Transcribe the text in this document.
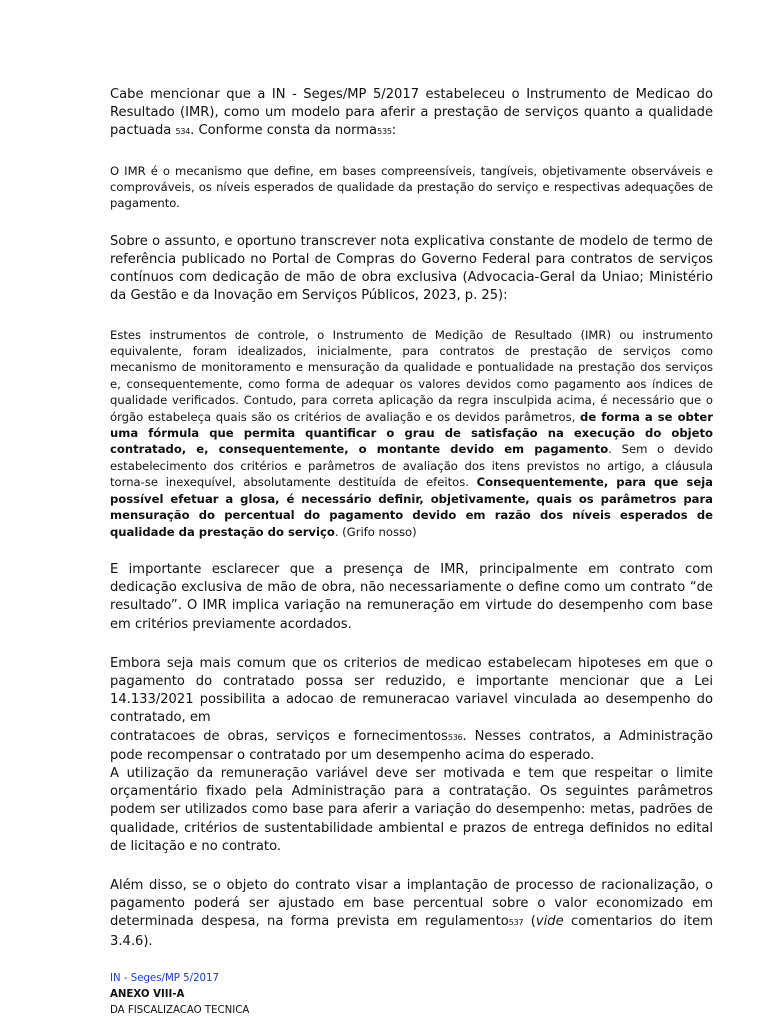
Cabe mencionar que a IN - Seges/MP 5/2017 estabeleceu o Instrumento de Medicao do Resultado (IMR), como um modelo para aferir a prestação de serviços quanto a qualidade pactuada 534. Conforme consta da norma535:

O IMR é o mecanismo que define, em bases compreensíveis, tangíveis, objetivamente observáveis e comprováveis, os níveis esperados de qualidade da prestação do serviço e respectivas adequações de pagamento.

Sobre o assunto, e oportuno transcrever nota explicativa constante de modelo de termo de referência publicado no Portal de Compras do Governo Federal para contratos de serviços contínuos com dedicação de mão de obra exclusiva (Advocacia-Geral da Uniao; Ministério da Gestão e da Inovação em Serviços Públicos, 2023, p. 25):

Estes instrumentos de controle, o Instrumento de Medição de Resultado (IMR) ou instrumento equivalente, foram idealizados, inicialmente, para contratos de prestação de serviços como mecanismo de monitoramento e mensuração da qualidade e pontualidade na prestação dos serviços e, consequentemente, como forma de adequar os valores devidos como pagamento aos índices de qualidade verificados. Contudo, para correta aplicação da regra insculpida acima, é necessário que o órgão estabeleça quais são os critérios de avaliação e os devidos parâmetros, de forma a se obter uma fórmula que permita quantificar o grau de satisfação na execução do objeto contratado, e, consequentemente, o montante devido em pagamento. Sem o devido estabelecimento dos critérios e parâmetros de avaliação dos itens previstos no artigo, a cláusula torna-se inexequível, absolutamente destituída de efeitos. Consequentemente, para que seja possível efetuar a glosa, é necessário definir, objetivamente, quais os parâmetros para mensuração do percentual do pagamento devido em razão dos níveis esperados de qualidade da prestação do serviço. (Grifo nosso)

E importante esclarecer que a presença de IMR, principalmente em contrato com dedicação exclusiva de mão de obra, não necessariamente o define como um contrato “de resultado”. O IMR implica variação na remuneração em virtude do desempenho com base em critérios previamente acordados.

Embora seja mais comum que os criterios de medicao estabelecam hipoteses em que o pagamento do contratado possa ser reduzido, e importante mencionar que a Lei 14.133/2021 possibilita a adocao de remuneracao variavel vinculada ao desempenho do contratado, em
contratacoes de obras, serviços e fornecimentos536. Nesses contratos, a Administração pode recompensar o contratado por um desempenho acima do esperado.

A utilização da remuneração variável deve ser motivada e tem que respeitar o limite orçamentário fixado pela Administração para a contratação. Os seguintes parâmetros podem ser utilizados como base para aferir a variação do desempenho: metas, padrões de qualidade, critérios de sustentabilidade ambiental e prazos de entrega definidos no edital de licitação e no contrato.

Além disso, se o objeto do contrato visar a implantação de processo de racionalização, o pagamento poderá ser ajustado em base percentual sobre o valor economizado em determinada despesa, na forma prevista em regulamento537 (vide comentarios do item 3.4.6).

IN - Seges/MP 5/2017
ANEXO VIII-A
DA FISCALIZACAO TECNICA
